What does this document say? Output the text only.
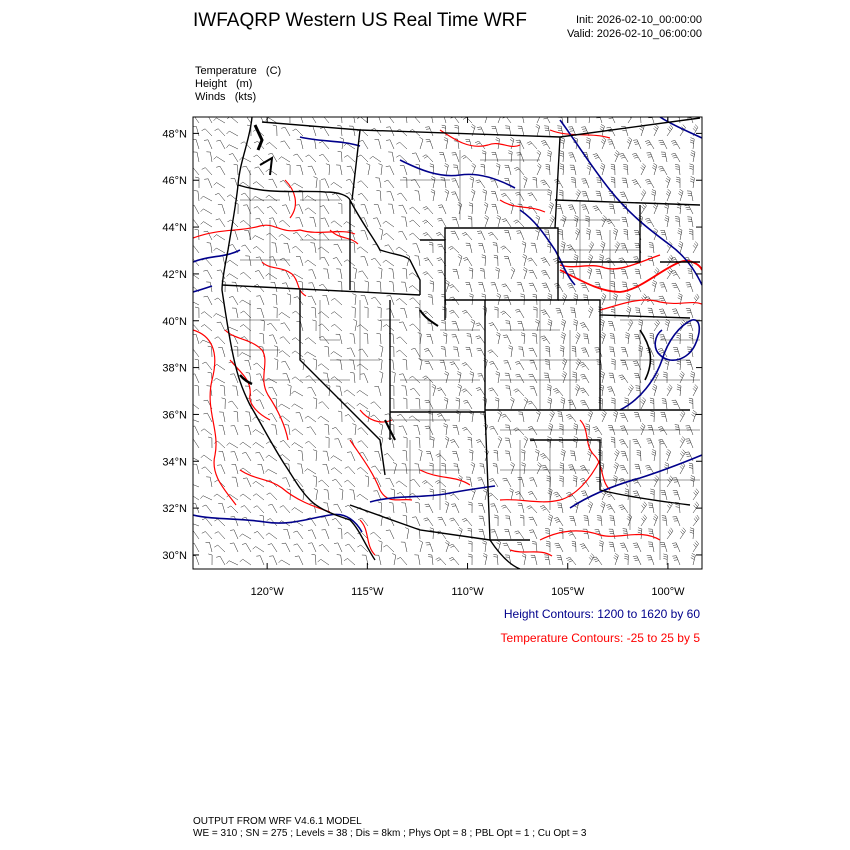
IWFAQRP Western US Real Time WRF	Init: 2026-02-10_00:00:00
Valid: 2026-02-10_06:00:00
Temperature   (C)
Height   (m)
Winds   (kts)
48°N
46°N
44°N
42°N
40°N
38°N
36°N
34°N
32°N
30°N
120°W	115°W	110°W	105°W	100°W
Height Contours: 1200 to 1620 by 60
Temperature Contours: -25 to 25 by 5
OUTPUT FROM WRF V4.6.1 MODEL
WE = 310 ; SN = 275 ; Levels = 38 ; Dis = 8km ; Phys Opt = 8 ; PBL Opt = 1 ; Cu Opt = 3
